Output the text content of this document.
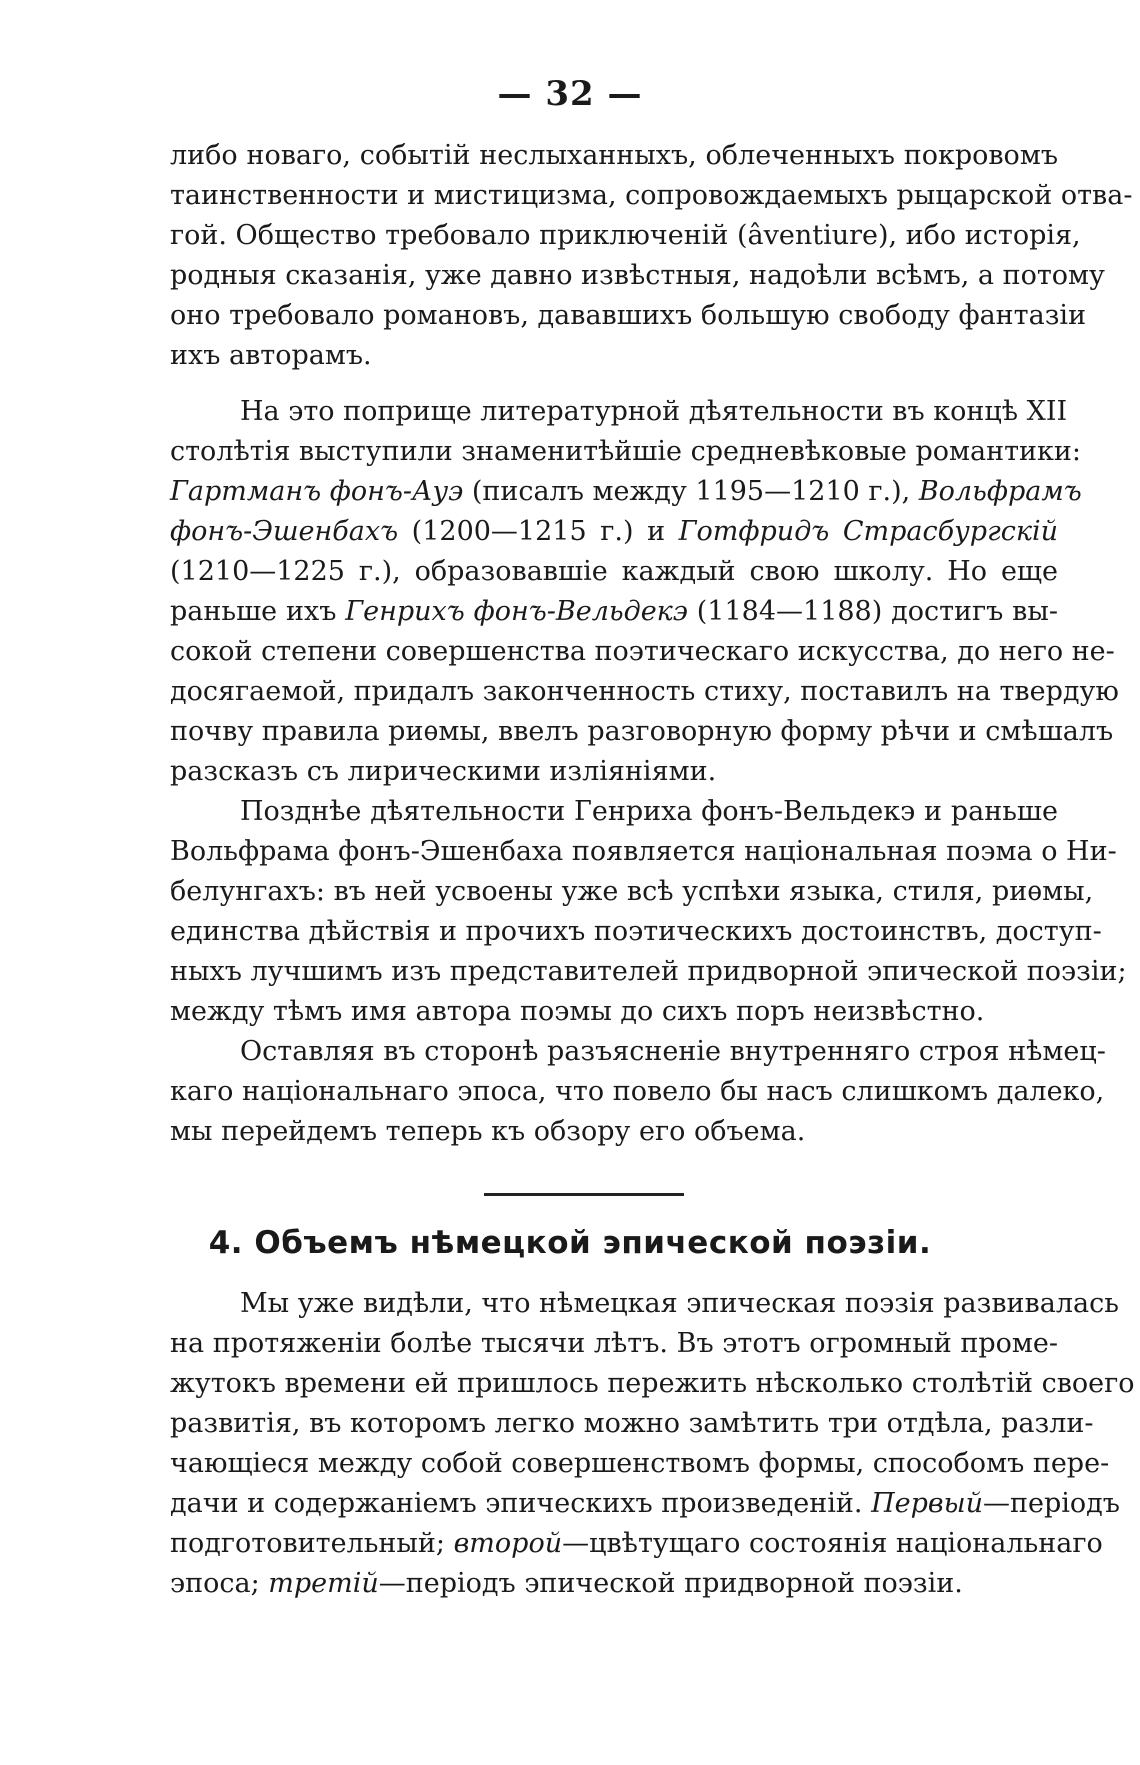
— 32 —
либо новаго, событій неслыханныхъ, облеченныхъ покровомъ
таинственности и мистицизма, сопровождаемыхъ рыцарской отва-
гой. Общество требовало приключеній (âventiure), ибо исторія,
родныя сказанія, уже давно извѣстныя, надоѣли всѣмъ, а потому
оно требовало романовъ, дававшихъ большую свободу фантазіи
ихъ авторамъ.
На это поприще литературной дѣятельности въ концѣ XII
столѣтія выступили знаменитѣйшіе средневѣковые романтики:
Гартманъ фонъ-Ауэ (писалъ между 1195—1210 г.), Вольфрамъ
фонъ-Эшенбахъ (1200—1215 г.) и Готфридъ Страсбургскій
(1210—1225 г.), образовавшіе каждый свою школу. Но еще
раньше ихъ Генрихъ фонъ-Вельдекэ (1184—1188) достигъ вы-
сокой степени совершенства поэтическаго искусства, до него не-
досягаемой, придалъ законченность стиху, поставилъ на твердую
почву правила риѳмы, ввелъ разговорную форму рѣчи и смѣшалъ
разсказъ съ лирическими изліяніями.
Позднѣе дѣятельности Генриха фонъ-Вельдекэ и раньше
Вольфрама фонъ-Эшенбаха появляется національная поэма о Ни-
белунгахъ: въ ней усвоены уже всѣ успѣхи языка, стиля, риѳмы,
единства дѣйствія и прочихъ поэтическихъ достоинствъ, доступ-
ныхъ лучшимъ изъ представителей придворной эпической поэзіи;
между тѣмъ имя автора поэмы до сихъ поръ неизвѣстно.
Оставляя въ сторонѣ разъясненіе внутренняго строя нѣмец-
каго національнаго эпоса, что повело бы насъ слишкомъ далеко,
мы перейдемъ теперь къ обзору его объема.
4. Объемъ нѣмецкой эпической поэзіи.
Мы уже видѣли, что нѣмецкая эпическая поэзія развивалась
на протяженіи болѣе тысячи лѣтъ. Въ этотъ огромный проме-
жутокъ времени ей пришлось пережить нѣсколько столѣтій своего
развитія, въ которомъ легко можно замѣтить три отдѣла, разли-
чающіеся между собой совершенствомъ формы, способомъ пере-
дачи и содержаніемъ эпическихъ произведеній. Первый—періодъ
подготовительный; второй—цвѣтущаго состоянія національнаго
эпоса; третій—періодъ эпической придворной поэзіи.
